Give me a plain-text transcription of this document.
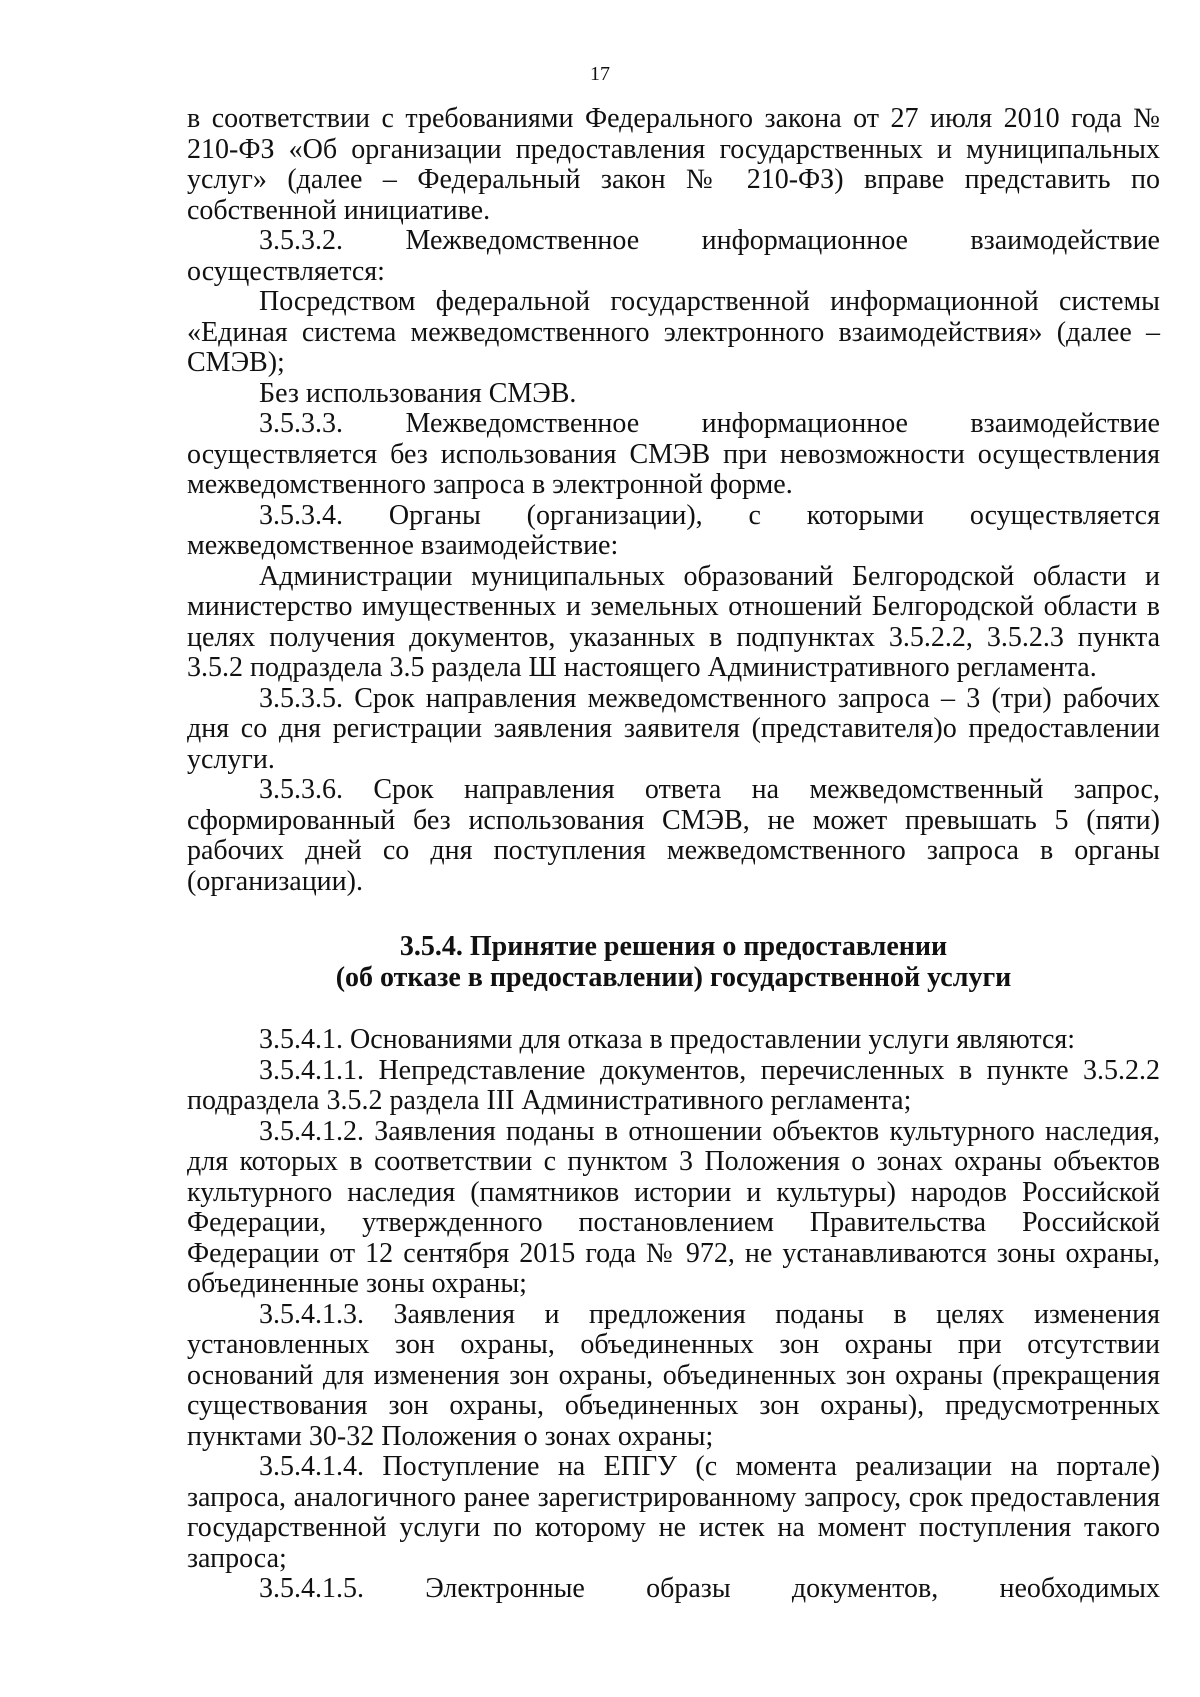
17

в соответствии с требованиями Федерального закона от 27 июля 2010 года № 210-ФЗ «Об организации предоставления государственных и муниципальных услуг» (далее – Федеральный закон № 210-ФЗ) вправе представить по собственной инициативе.

3.5.3.2. Межведомственное информационное взаимодействие осуществляется:

Посредством федеральной государственной информационной системы «Единая система межведомственного электронного взаимодействия» (далее – СМЭВ);

Без использования СМЭВ.

3.5.3.3. Межведомственное информационное взаимодействие осуществляется без использования СМЭВ при невозможности осуществления межведомственного запроса в электронной форме.

3.5.3.4. Органы (организации), с которыми осуществляется межведомственное взаимодействие:

Администрации муниципальных образований Белгородской области и министерство имущественных и земельных отношений Белгородской области в целях получения документов, указанных в подпунктах 3.5.2.2, 3.5.2.3 пункта 3.5.2 подраздела 3.5 раздела Ш настоящего Административного регламента.

3.5.3.5. Срок направления межведомственного запроса – 3 (три) рабочих дня со дня регистрации заявления заявителя (представителя)о предоставлении услуги.

3.5.3.6. Срок направления ответа на межведомственный запрос, сформированный без использования СМЭВ, не может превышать 5 (пяти) рабочих дней со дня поступления межведомственного запроса в органы (организации).

3.5.4. Принятие решения о предоставлении
(об отказе в предоставлении) государственной услуги

3.5.4.1. Основаниями для отказа в предоставлении услуги являются:

3.5.4.1.1. Непредставление документов, перечисленных в пункте 3.5.2.2 подраздела 3.5.2 раздела III Административного регламента;

3.5.4.1.2. Заявления поданы в отношении объектов культурного наследия, для которых в соответствии с пунктом 3 Положения о зонах охраны объектов культурного наследия (памятников истории и культуры) народов Российской Федерации, утвержденного постановлением Правительства Российской Федерации от 12 сентября 2015 года № 972, не устанавливаются зоны охраны, объединенные зоны охраны;

3.5.4.1.3. Заявления и предложения поданы в целях изменения установленных зон охраны, объединенных зон охраны при отсутствии оснований для изменения зон охраны, объединенных зон охраны (прекращения существования зон охраны, объединенных зон охраны), предусмотренных пунктами 30-32 Положения о зонах охраны;

3.5.4.1.4. Поступление на ЕПГУ (с момента реализации на портале) запроса, аналогичного ранее зарегистрированному запросу, срок предоставления государственной услуги по которому не истек на момент поступления такого запроса;

3.5.4.1.5. Электронные образы документов, необходимых
